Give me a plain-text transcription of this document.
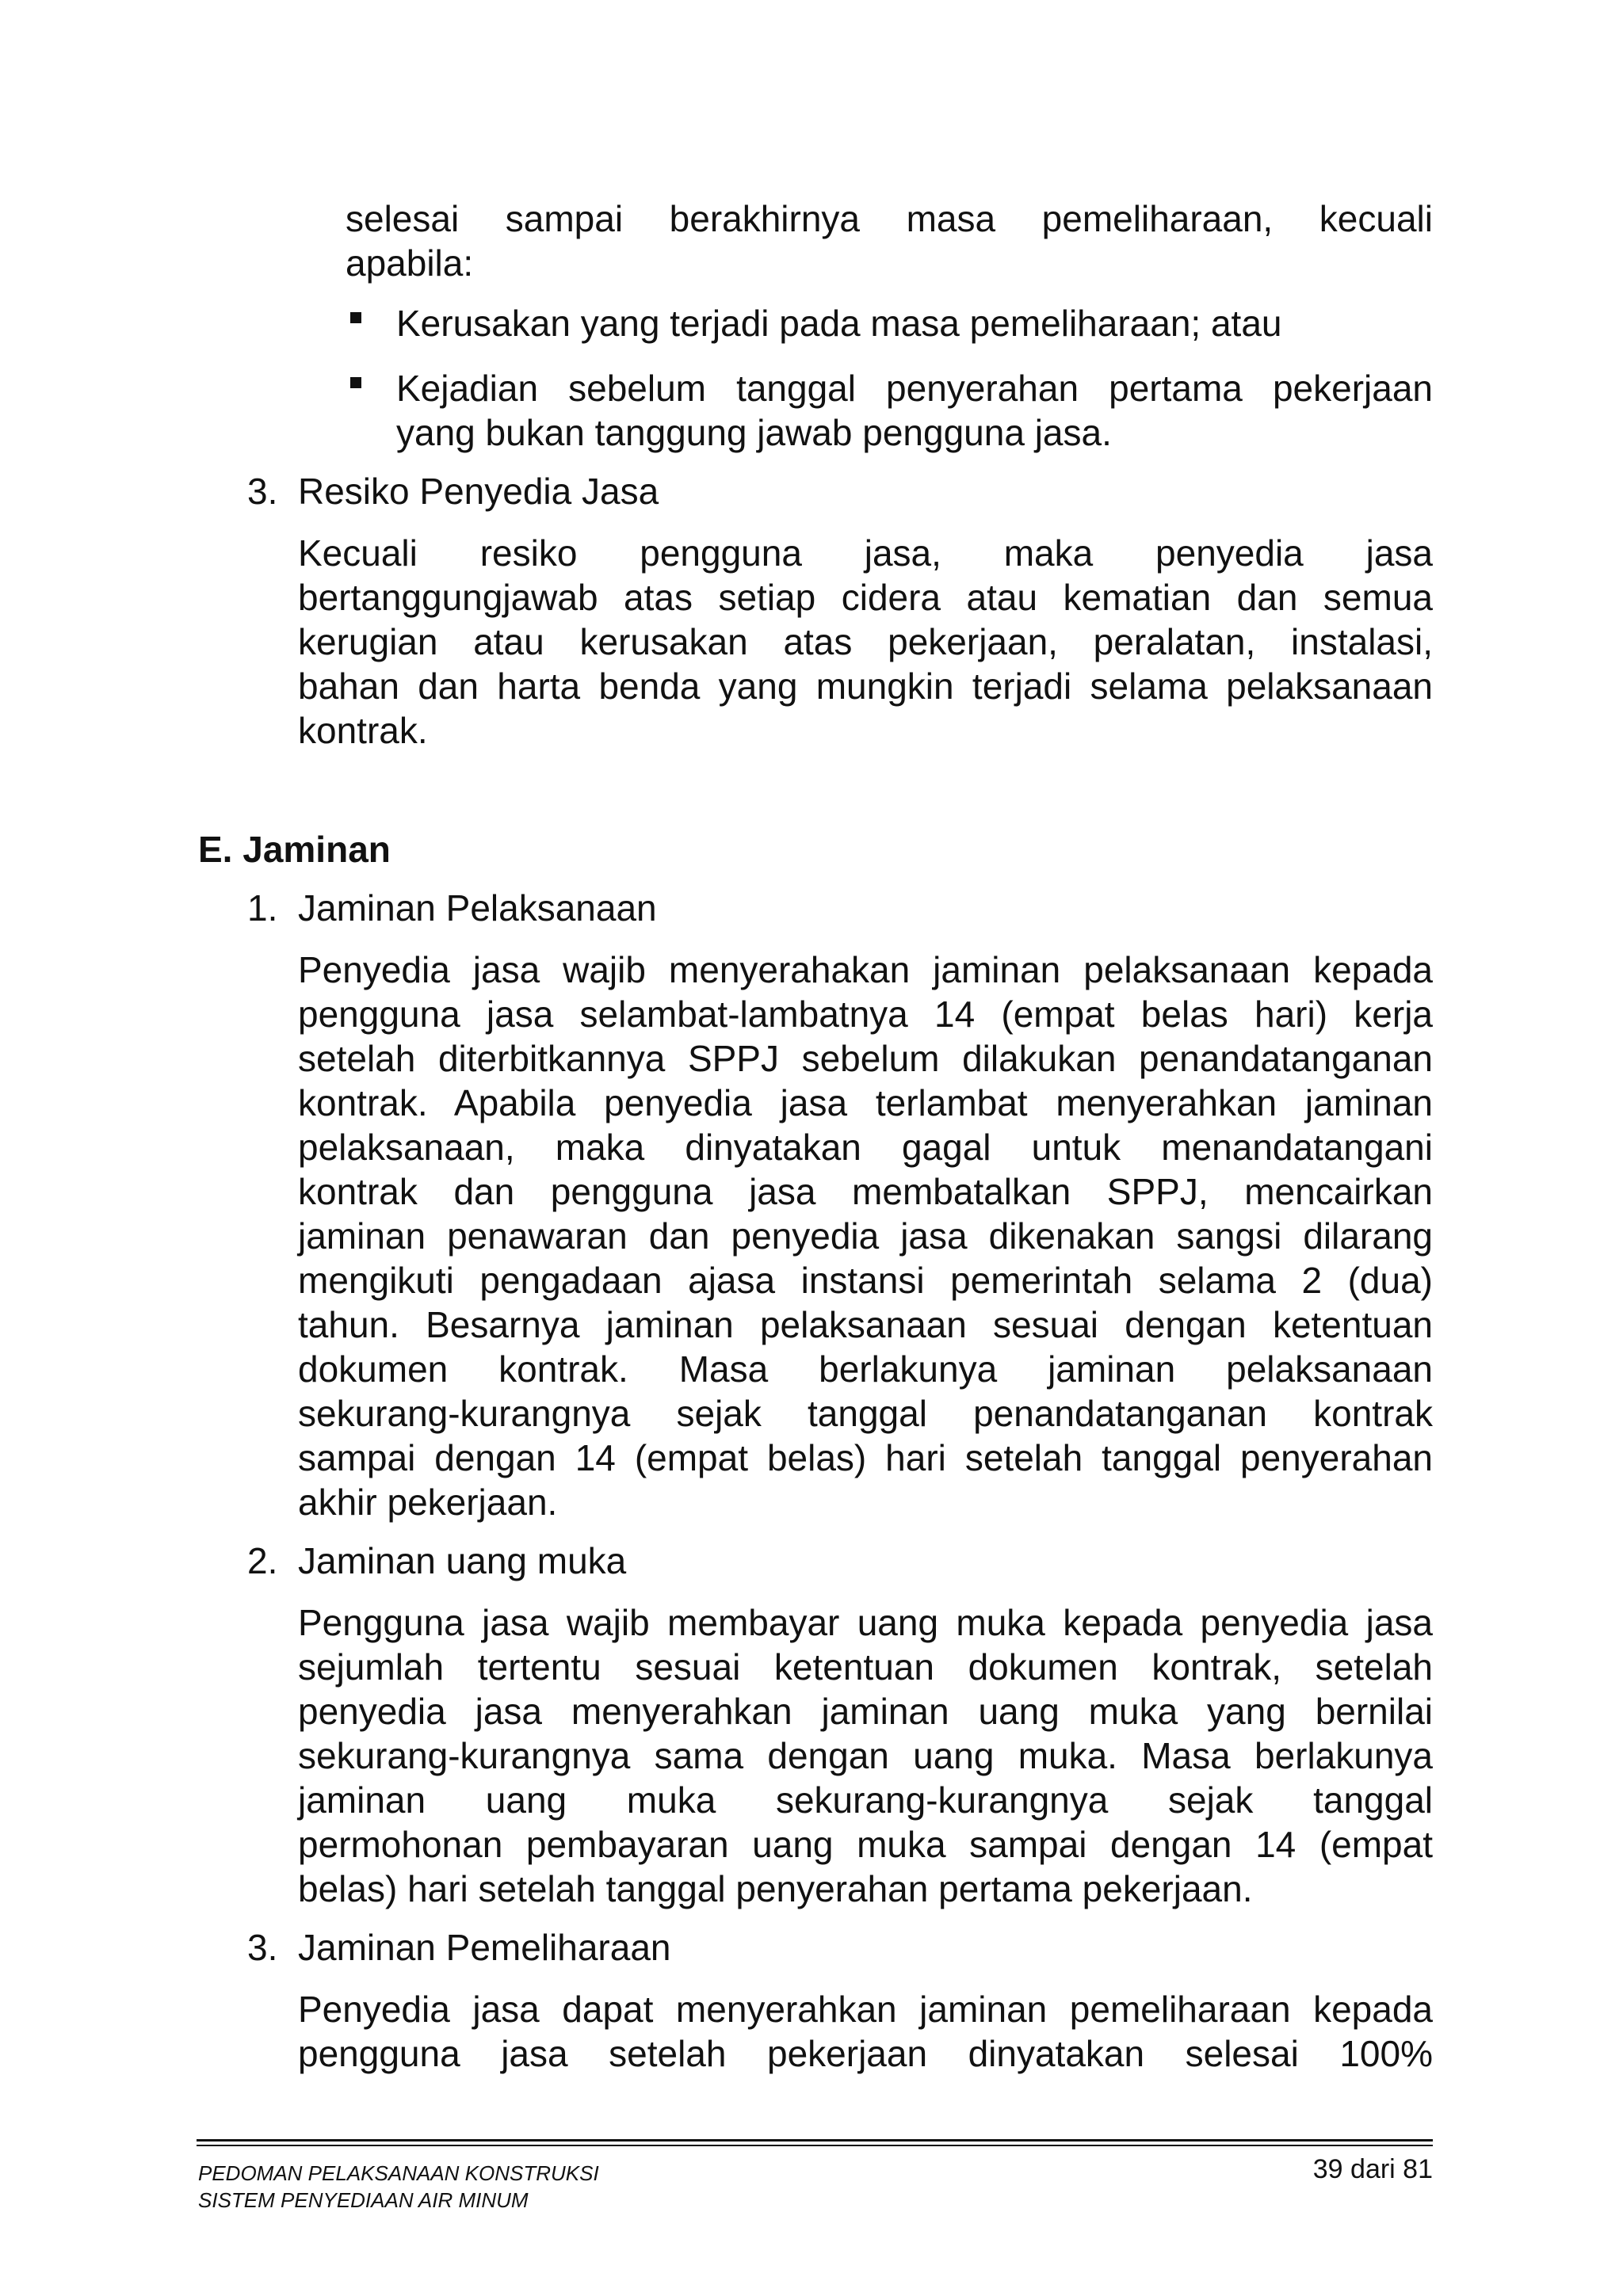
selesai sampai berakhirnya masa pemeliharaan, kecuali
apabila:
Kerusakan yang terjadi pada masa pemeliharaan; atau
Kejadian sebelum tanggal penyerahan pertama pekerjaan
yang bukan tanggung jawab pengguna jasa.
3. Resiko Penyedia Jasa
Kecuali resiko pengguna jasa, maka penyedia jasa
bertanggungjawab atas setiap cidera atau kematian dan semua
kerugian atau kerusakan atas pekerjaan, peralatan, instalasi,
bahan dan harta benda yang mungkin terjadi selama pelaksanaan
kontrak.
E. Jaminan
1. Jaminan Pelaksanaan
Penyedia jasa wajib menyerahakan jaminan pelaksanaan kepada
pengguna jasa selambat-lambatnya 14 (empat belas hari) kerja
setelah diterbitkannya SPPJ sebelum dilakukan penandatanganan
kontrak. Apabila penyedia jasa terlambat menyerahkan jaminan
pelaksanaan, maka dinyatakan gagal untuk menandatangani
kontrak dan pengguna jasa membatalkan SPPJ, mencairkan
jaminan penawaran dan penyedia jasa dikenakan sangsi dilarang
mengikuti pengadaan ajasa instansi pemerintah selama 2 (dua)
tahun. Besarnya jaminan pelaksanaan sesuai dengan ketentuan
dokumen kontrak. Masa berlakunya jaminan pelaksanaan
sekurang-kurangnya sejak tanggal penandatanganan kontrak
sampai dengan 14 (empat belas) hari setelah tanggal penyerahan
akhir pekerjaan.
2. Jaminan uang muka
Pengguna jasa wajib membayar uang muka kepada penyedia jasa
sejumlah tertentu sesuai ketentuan dokumen kontrak, setelah
penyedia jasa menyerahkan jaminan uang muka yang bernilai
sekurang-kurangnya sama dengan uang muka. Masa berlakunya
jaminan uang muka sekurang-kurangnya sejak tanggal
permohonan pembayaran uang muka sampai dengan 14 (empat
belas) hari setelah tanggal penyerahan pertama pekerjaan.
3. Jaminan Pemeliharaan
Penyedia jasa dapat menyerahkan jaminan pemeliharaan kepada
pengguna jasa setelah pekerjaan dinyatakan selesai 100%
PEDOMAN PELAKSANAAN KONSTRUKSI
SISTEM PENYEDIAAN AIR MINUM
39 dari 81
